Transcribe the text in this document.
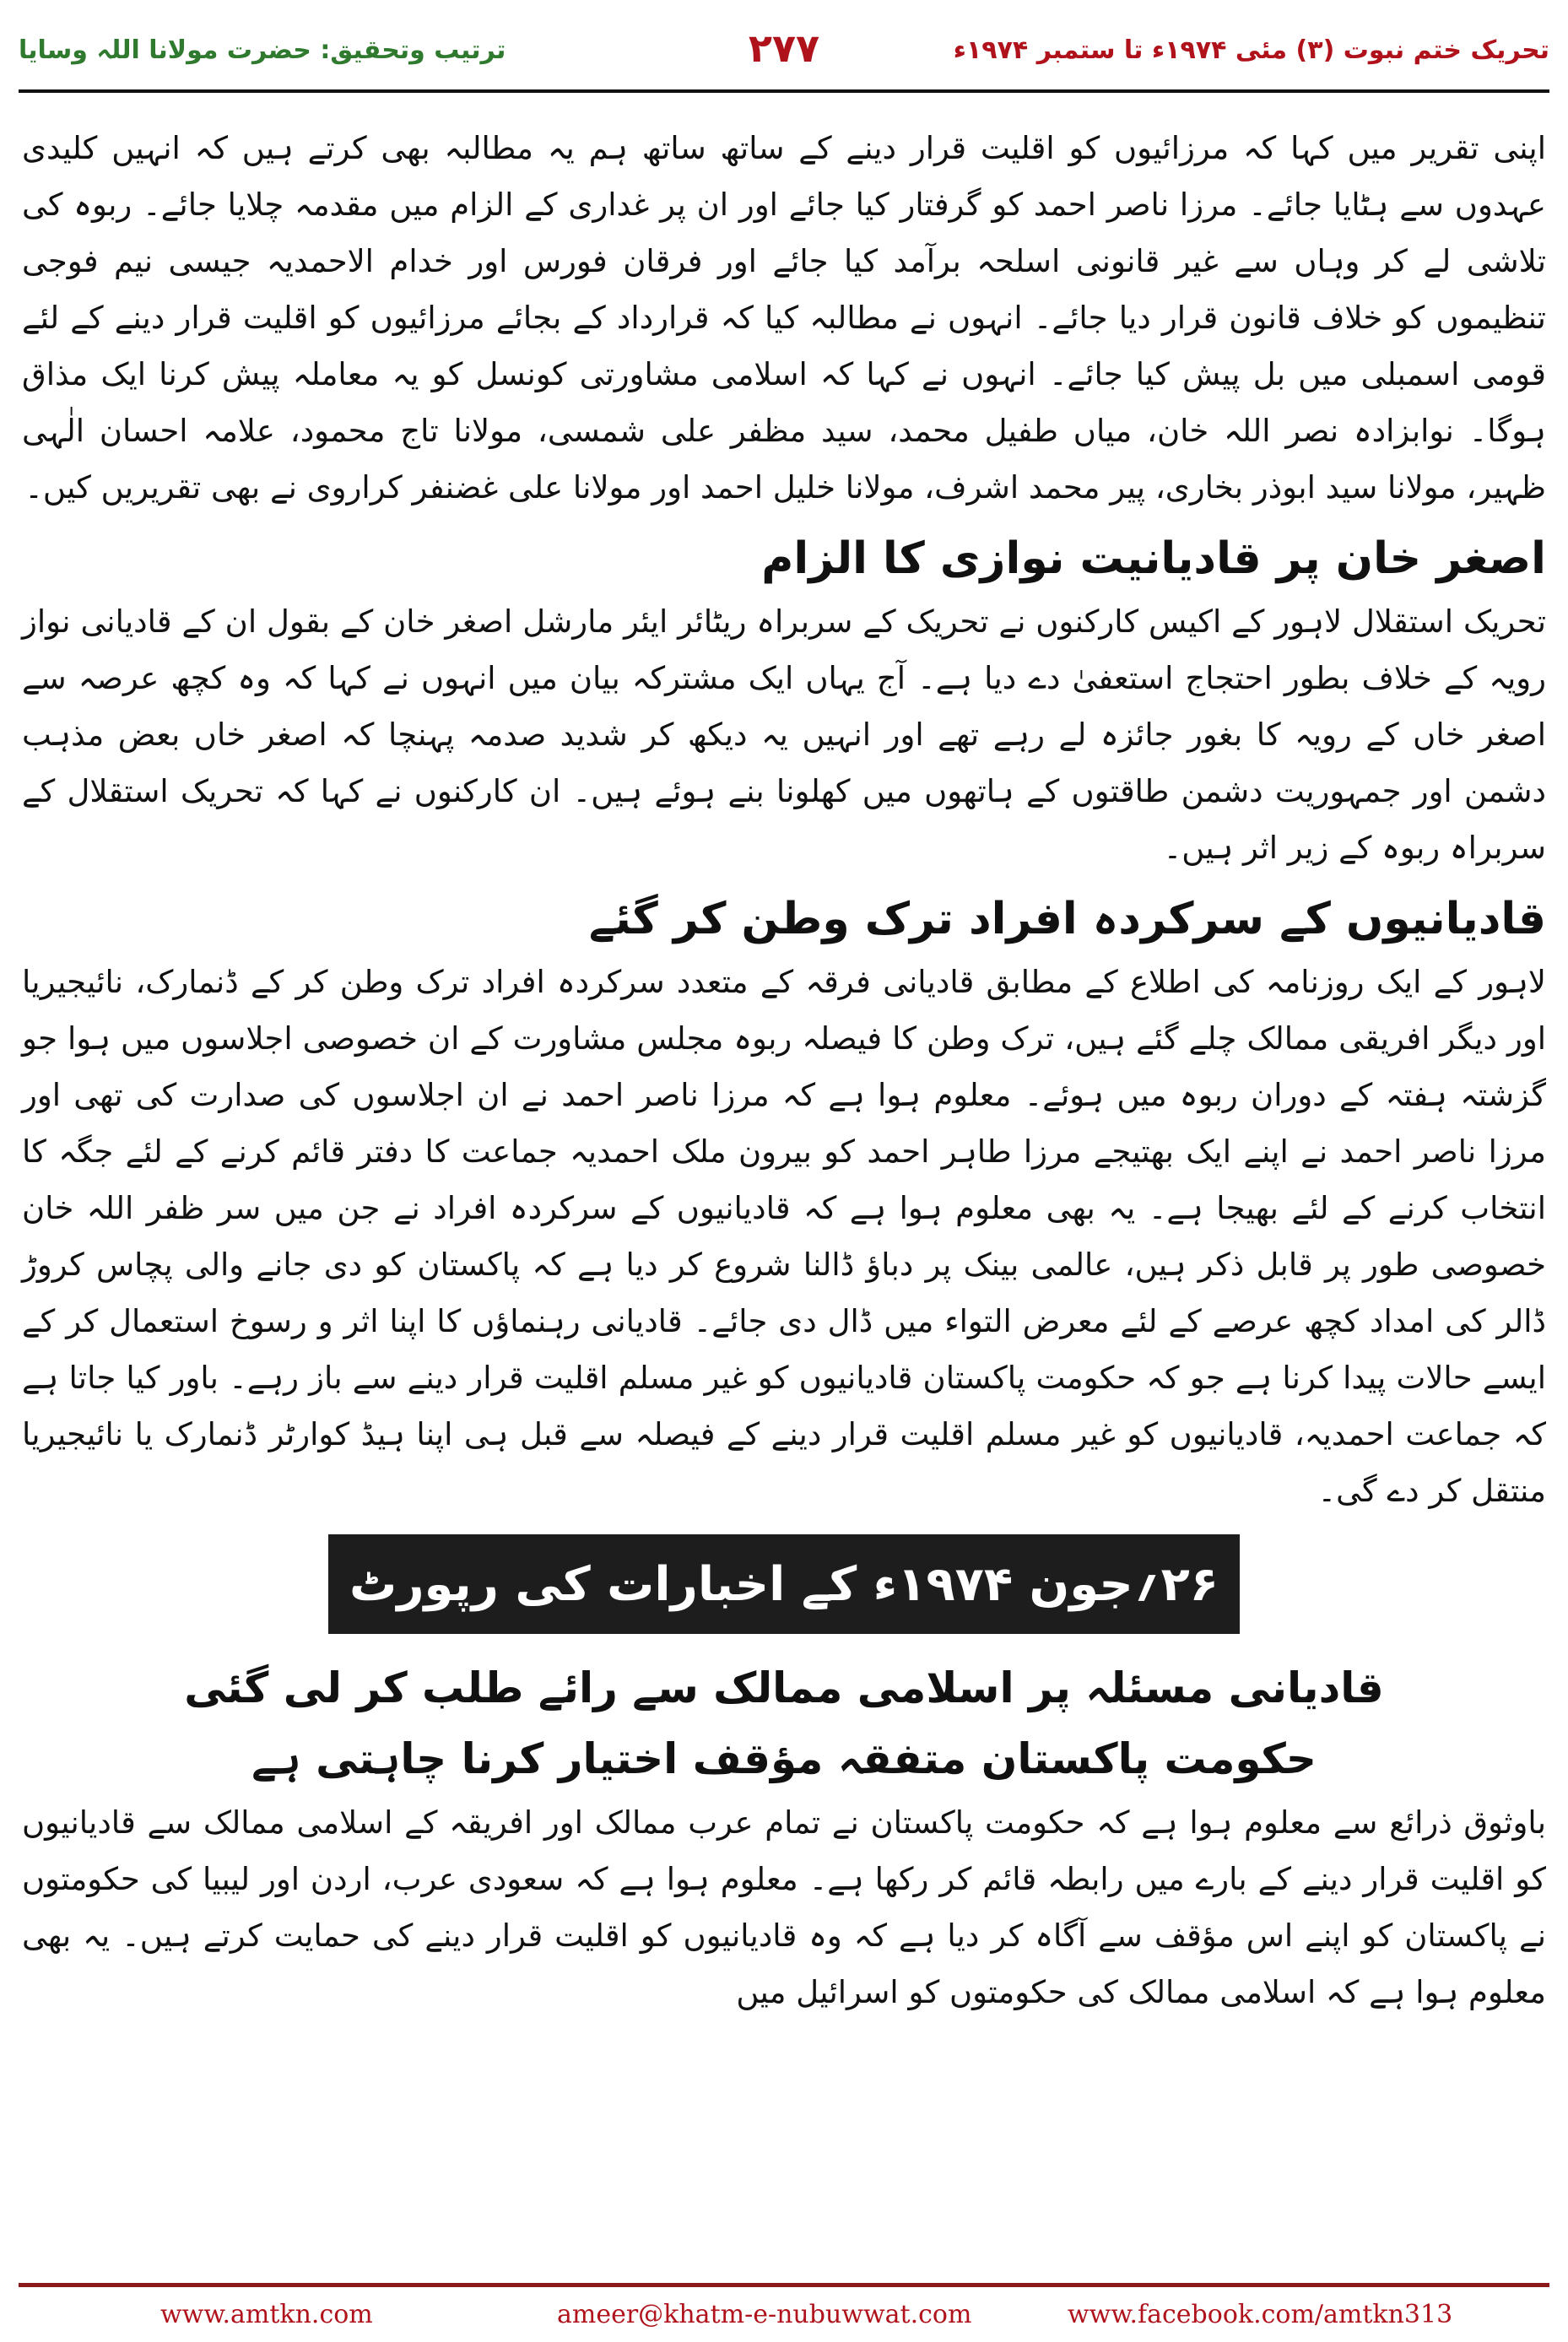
ترتیب وتحقیق: حضرت مولانا اللہ وسایا	۲۷۷	تحریک ختم نبوت (۳) مئی ۱۹۷۴ء تا ستمبر ۱۹۷۴ء

اپنی تقریر میں کہا کہ مرزائیوں کو اقلیت قرار دینے کے ساتھ ساتھ ہم یہ مطالبہ بھی کرتے ہیں کہ انہیں کلیدی عہدوں سے ہٹایا جائے۔ مرزا ناصر احمد کو گرفتار کیا جائے اور ان پر غداری کے الزام میں مقدمہ چلایا جائے۔ ربوہ کی تلاشی لے کر وہاں سے غیر قانونی اسلحہ برآمد کیا جائے اور فرقان فورس اور خدام الاحمدیہ جیسی نیم فوجی تنظیموں کو خلاف قانون قرار دیا جائے۔ انہوں نے مطالبہ کیا کہ قرارداد کے بجائے مرزائیوں کو اقلیت قرار دینے کے لئے قومی اسمبلی میں بل پیش کیا جائے۔ انہوں نے کہا کہ اسلامی مشاورتی کونسل کو یہ معاملہ پیش کرنا ایک مذاق ہوگا۔ نوابزادہ نصر اللہ خان، میاں طفیل محمد، سید مظفر علی شمسی، مولانا تاج محمود، علامہ احسان الٰہی ظہیر، مولانا سید ابوذر بخاری، پیر محمد اشرف، مولانا خلیل احمد اور مولانا علی غضنفر کراروی نے بھی تقریریں کیں۔

اصغر خان پر قادیانیت نوازی کا الزام

تحریک استقلال لاہور کے اکیس کارکنوں نے تحریک کے سربراہ ریٹائر ایئر مارشل اصغر خان کے بقول ان کے قادیانی نواز رویہ کے خلاف بطور احتجاج استعفیٰ دے دیا ہے۔ آج یہاں ایک مشترکہ بیان میں انہوں نے کہا کہ وہ کچھ عرصہ سے اصغر خاں کے رویہ کا بغور جائزہ لے رہے تھے اور انہیں یہ دیکھ کر شدید صدمہ پہنچا کہ اصغر خاں بعض مذہب دشمن اور جمہوریت دشمن طاقتوں کے ہاتھوں میں کھلونا بنے ہوئے ہیں۔ ان کارکنوں نے کہا کہ تحریک استقلال کے سربراہ ربوہ کے زیر اثر ہیں۔

قادیانیوں کے سرکردہ افراد ترک وطن کر گئے

لاہور کے ایک روزنامہ کی اطلاع کے مطابق قادیانی فرقہ کے متعدد سرکردہ افراد ترک وطن کر کے ڈنمارک، نائیجیریا اور دیگر افریقی ممالک چلے گئے ہیں، ترک وطن کا فیصلہ ربوہ مجلس مشاورت کے ان خصوصی اجلاسوں میں ہوا جو گزشتہ ہفتہ کے دوران ربوہ میں ہوئے۔ معلوم ہوا ہے کہ مرزا ناصر احمد نے ان اجلاسوں کی صدارت کی تھی اور مرزا ناصر احمد نے اپنے ایک بھتیجے مرزا طاہر احمد کو بیرون ملک احمدیہ جماعت کا دفتر قائم کرنے کے لئے جگہ کا انتخاب کرنے کے لئے بھیجا ہے۔ یہ بھی معلوم ہوا ہے کہ قادیانیوں کے سرکردہ افراد نے جن میں سر ظفر اللہ خان خصوصی طور پر قابل ذکر ہیں، عالمی بینک پر دباؤ ڈالنا شروع کر دیا ہے کہ پاکستان کو دی جانے والی پچاس کروڑ ڈالر کی امداد کچھ عرصے کے لئے معرض التواء میں ڈال دی جائے۔ قادیانی رہنماؤں کا اپنا اثر و رسوخ استعمال کر کے ایسے حالات پیدا کرنا ہے جو کہ حکومت پاکستان قادیانیوں کو غیر مسلم اقلیت قرار دینے سے باز رہے۔ باور کیا جاتا ہے کہ جماعت احمدیہ، قادیانیوں کو غیر مسلم اقلیت قرار دینے کے فیصلہ سے قبل ہی اپنا ہیڈ کوارٹر ڈنمارک یا نائیجیریا منتقل کر دے گی۔

۲۶؍جون ۱۹۷۴ء کے اخبارات کی رپورٹ
قادیانی مسئلہ پر اسلامی ممالک سے رائے طلب کر لی گئی
حکومت پاکستان متفقہ مؤقف اختیار کرنا چاہتی ہے

باوثوق ذرائع سے معلوم ہوا ہے کہ حکومت پاکستان نے تمام عرب ممالک اور افریقہ کے اسلامی ممالک سے قادیانیوں کو اقلیت قرار دینے کے بارے میں رابطہ قائم کر رکھا ہے۔ معلوم ہوا ہے کہ سعودی عرب، اردن اور لیبیا کی حکومتوں نے پاکستان کو اپنے اس مؤقف سے آگاہ کر دیا ہے کہ وہ قادیانیوں کو اقلیت قرار دینے کی حمایت کرتے ہیں۔ یہ بھی معلوم ہوا ہے کہ اسلامی ممالک کی حکومتوں کو اسرائیل میں

www.amtkn.com	ameer@khatm-e-nubuwwat.com	www.facebook.com/amtkn313
